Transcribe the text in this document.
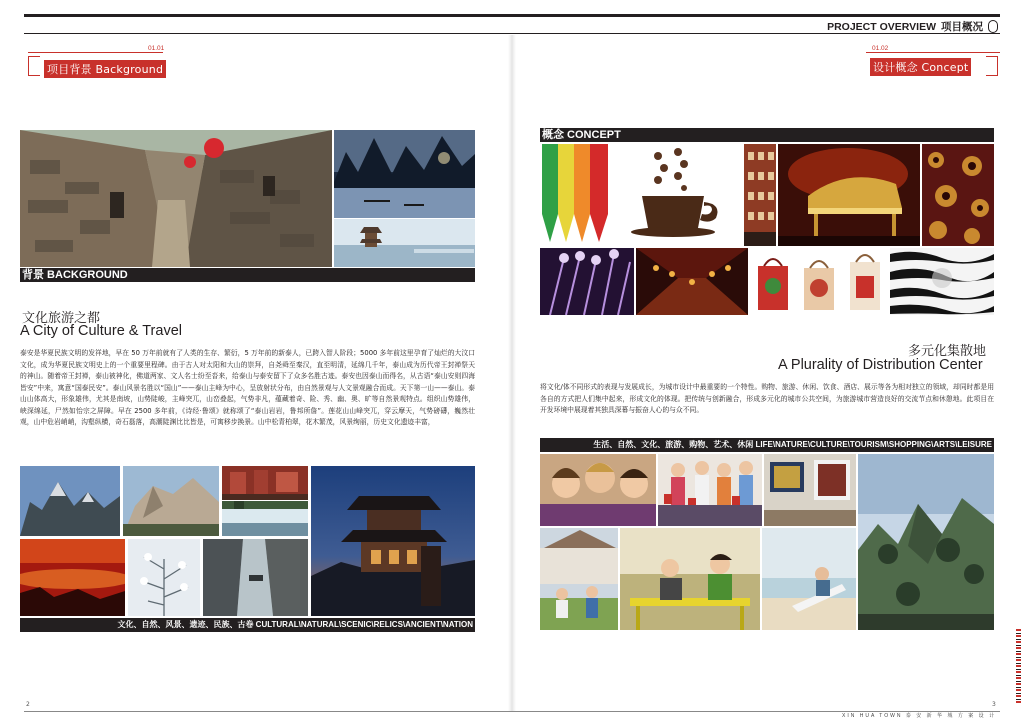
PROJECT OVERVIEW 项目概况
01.01
项目背景 Background
背景 BACKGROUND
文化旅游之都
A City of Culture & Travel
泰安是华夏民族文明的发祥地，早在 50 万年前就有了人类的生存、繁衍，5 万年前的新泰人，已跨入智人阶段；5000 多年前这里孕育了灿烂的大汶口文化，成为华夏民族文明史上的一个重要里程碑。由于古人对太阳和大山的崇拜，自尧舜至秦汉，直至明清，延绵几千年，泰山成为历代帝王封禅祭天的神山。随着帝王封禅，泰山被神化，佛道两家、文人名士纷至沓来，给泰山与泰安留下了众多名胜古迹。泰安也因泰山而得名，从古语“泰山安则四海皆安”中来，寓意“国泰民安”。泰山风景名胜以“国山”——泰山主峰为中心，呈放射状分布，由自然景观与人文景观融合而成。天下第一山——泰山。泰山山体高大，形象雄伟，尤其是南坡，山势陡峻，主峰突兀，山峦叠起，气势非凡，蕴藏着奇、险、秀、幽、奥、旷等自然景观特点。组织山势雄伟，峡深绵延，尸然如怡宗之屏障。早在 2500 多年前，《诗经·鲁颂》就称颂了“泰山岩岩，鲁邦所詹”。莲花山山峰突兀，穿云摩天，气势磅礴，巍然壮观，山中危岩峭峭，沟壑纵横，奇石磊落，高潮陡渊比比皆是，可寓移步换景。山中松青柏翠，花木繁茂，风景绚丽，历史文化遗迹丰富，
文化、自然、风景、遗迹、民族、古卷 CULTURAL\NATURAL\SCENIC\RELICS\ANCIENT\NATION
01.02
设计概念 Concept
概念 CONCEPT
多元化集散地
A Plurality of Distribution Center
将文化/体不同形式的表现与发展成长，为城市设计中最重要的一个特性。购物、旅游、休闲、饮食、酒店、展示等各为相对独立的领域，却同时都是用各自的方式把人们集中起来，形成文化的体现。把传统与创新融合，形成多元化的城市公共空间，为旅游城市营造良好的交流节点和休憩地。此项目在开发环境中展现着其独具深幕与振奋人心的与众不同。
生活、自然、文化、旅游、购物、艺术、休闲 LIFE\NATURE\CULTURE\TOURISM\SHOPPING\ARTS\LEISURE
2	3
XIN HUA TOWN 泰 安 新 华 城 方 案 设 计
